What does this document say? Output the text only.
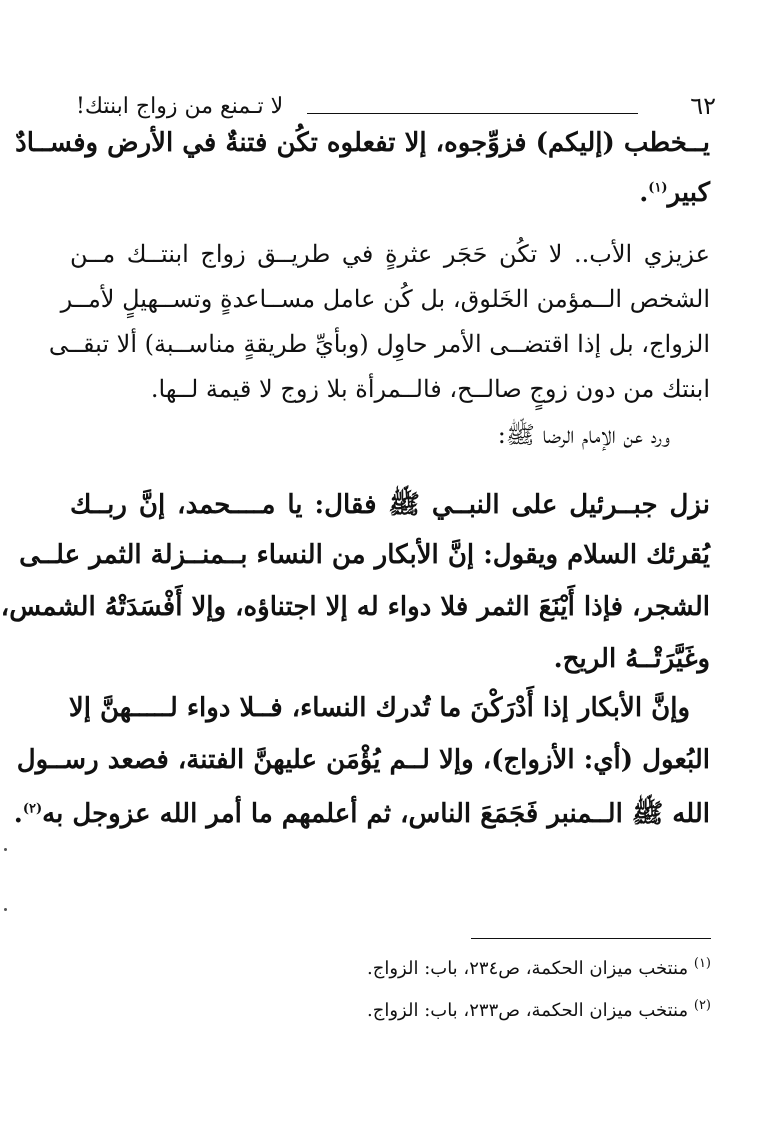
٦٢
لا تـمنع من زواج ابنتك!
يــخطب (إليكم) فزوِّجوه، إلا تفعلوه تكُن فتنةٌ في الأرض وفســادٌ
كبير$^{(١)}$.
عزيزي الأب.. لا تكُن حَجَر عثرةٍ في طريــق زواج ابنتــك مــن
الشخص الــمؤمن الخَلوق، بل كُن عامل مســاعدةٍ وتســهيلٍ لأمــر
الزواج، بل إذا اقتضــى الأمر حاوِل (وبأيِّ طريقةٍ مناســبة) ألا تبقــى
ابنتك من دون زوجٍ صالــح، فالــمرأة بلا زوج لا قيمة لــها.
ورد عن الإمام الرضا ﷺ:
نزل جبــرئيل على النبــي ﷺ فقال: يا مــــحمد، إنَّ ربــك
يُقرئك السلام ويقول: إنَّ الأبكار من النساء بــمنــزلة الثمر علــى
الشجر، فإذا أَيْنَعَ الثمر فلا دواء له إلا اجتناؤه، وإلا أَفْسَدَتْهُ الشمس،
وغَيَّرَتْــهُ الريح.
وإنَّ الأبكار إذا أَدْرَكْنَ ما تُدرك النساء، فــلا دواء لـــــهنَّ إلا
البُعول (أي: الأزواج)، وإلا لــم يُؤْمَن عليهنَّ الفتنة، فصعد رســول
الله ﷺ الــمنبر فَجَمَعَ الناس، ثم أعلمهم ما أمر الله عزوجل به$^{(٢)}$.
$^{(١)}$ منتخب ميزان الحكمة، ص٢٣٤، باب: الزواج.
$^{(٢)}$ منتخب ميزان الحكمة، ص٢٣٣، باب: الزواج.
